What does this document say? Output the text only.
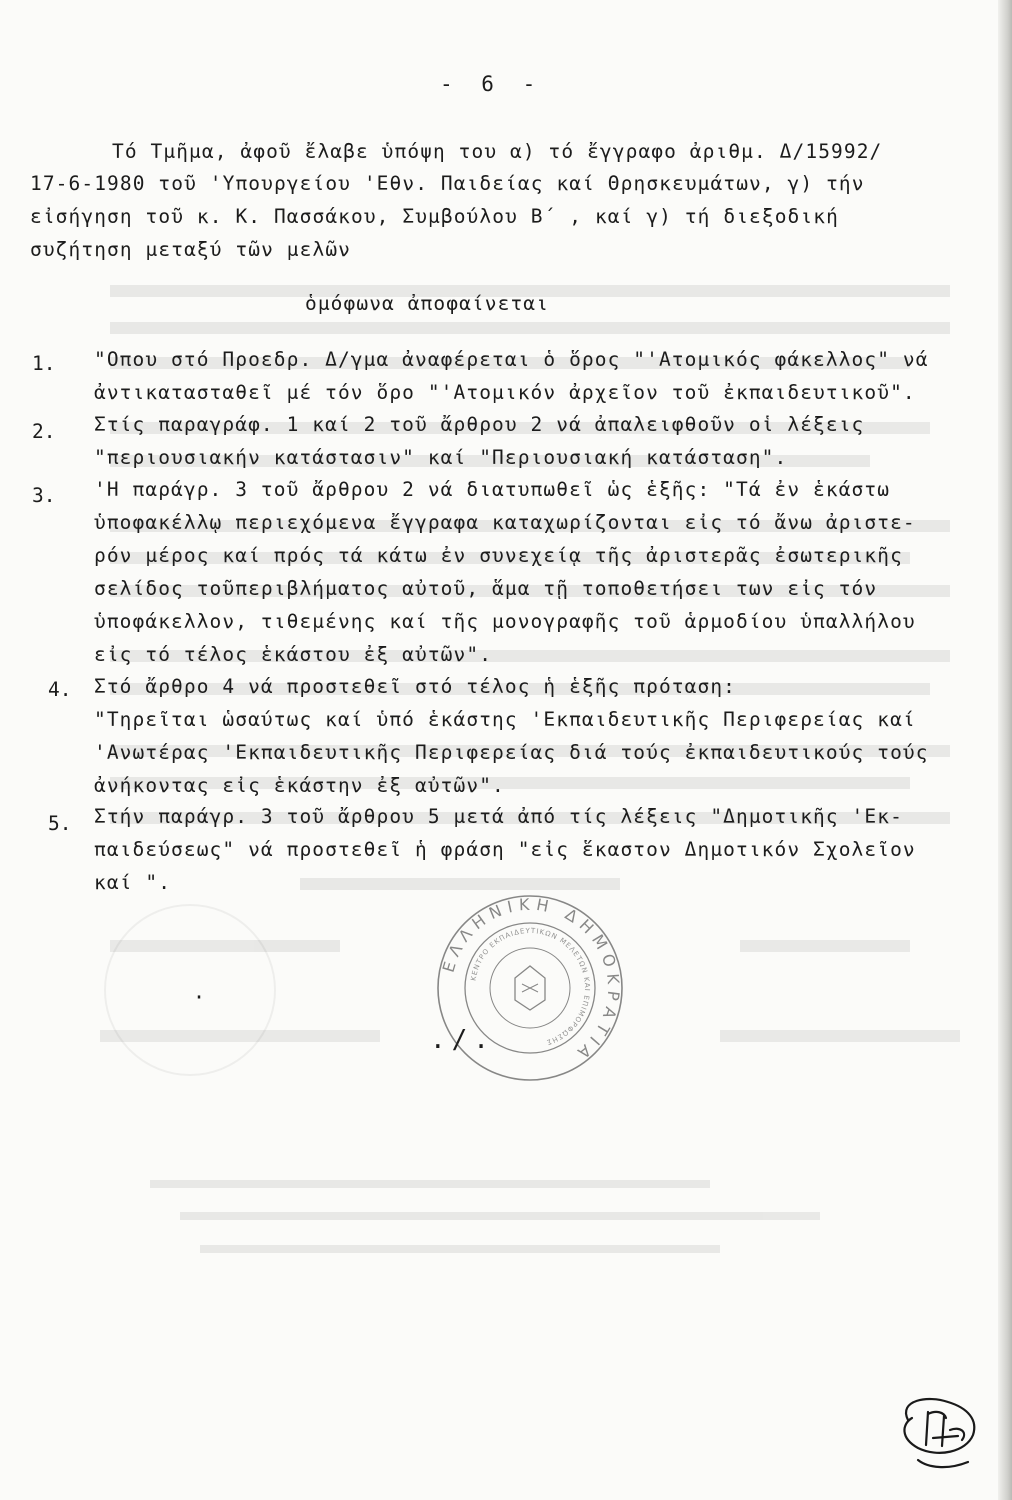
- 6 -
Τό Τμῆμα, ἀφοῦ ἔλαβε ὑπόψη του α) τό ἔγγραφο ἀριθμ. Δ/15992/
17-6-1980 τοῦ 'Υπουργείου 'Εθν. Παιδείας καί Θρησκευμάτων, γ) τήν
εἰσήγηση τοῦ κ. Κ. Πασσάκου, Συμβούλου Β΄ , καί γ) τή διεξοδική
συζήτηση μεταξύ τῶν μελῶν
ὁμόφωνα ἀποφαίνεται
1. "Οπου στό Προεδρ. Δ/γμα ἀναφέρεται ὁ ὅρος "'Ατομικός φάκελλος" νά
ἀντικατασταθεῖ μέ τόν ὅρο "'Ατομικόν ἀρχεῖον τοῦ ἐκπαιδευτικοῦ".
2. Στίς παραγράφ. 1 καί 2 τοῦ ἄρθρου 2 νά ἀπαλειφθοῦν οἱ λέξεις
"περιουσιακήν κατάστασιν" καί "Περιουσιακή κατάσταση".
3. 'Η παράγρ. 3 τοῦ ἄρθρου 2 νά διατυπωθεῖ ὡς ἑξῆς: "Τά ἐν ἑκάστω
ὑποφακέλλῳ περιεχόμενα ἔγγραφα καταχωρίζονται εἰς τό ἄνω ἀριστε-
ρόν μέρος καί πρός τά κάτω ἐν συνεχείᾳ τῆς ἀριστερᾶς ἐσωτερικῆς
σελίδος τοῦπεριβλήματος αὐτοῦ, ἅμα τῇ τοποθετήσει των εἰς τόν
ὑποφάκελλον, τιθεμένης καί τῆς μονογραφῆς τοῦ ἁρμοδίου ὑπαλλήλου
εἰς τό τέλος ἑκάστου ἐξ αὐτῶν".
4. Στό ἄρθρο 4 νά προστεθεῖ στό τέλος ἡ ἑξῆς πρόταση:
"Τηρεῖται ὡσαύτως καί ὑπό ἑκάστης 'Εκπαιδευτικῆς Περιφερείας καί
'Ανωτέρας 'Εκπαιδευτικῆς Περιφερείας διά τούς ἐκπαιδευτικούς τούς
ἀνήκοντας εἰς ἑκάστην ἐξ αὐτῶν".
5. Στήν παράγρ. 3 τοῦ ἄρθρου 5 μετά ἀπό τίς λέξεις "Δημοτικῆς 'Εκ-
παιδεύσεως" νά προστεθεῖ ἡ φράση "εἰς ἕκαστον Δημοτικόν Σχολεῖον
καί ".
·
./.
ΕΛΛΗΝΙΚΗ ΔΗΜΟΚΡΑΤΙΑ
ΚΕΝΤΡΟ ΕΚΠΑΙΔΕΥΤΙΚΩΝ ΜΕΛΕΤΩΝ ΚΑΙ ΕΠΙΜΟΡΦΩΣΗΣ
